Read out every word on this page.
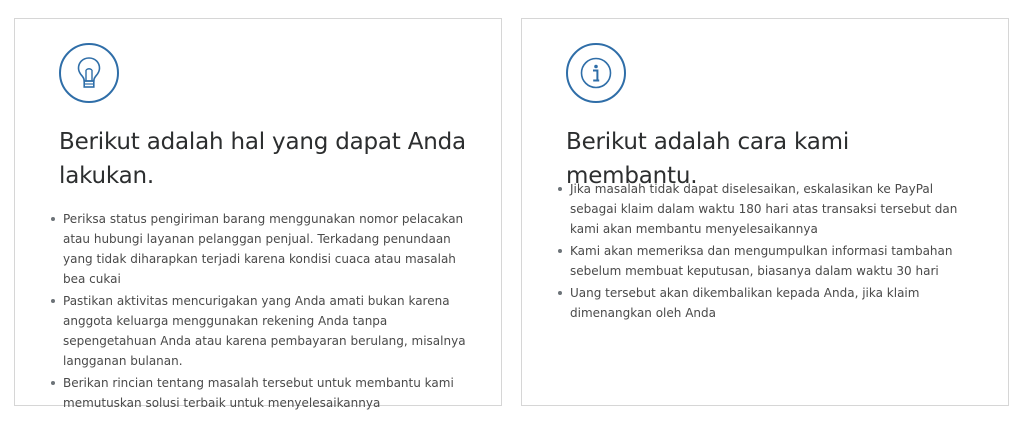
Berikut adalah hal yang dapat Anda lakukan.
Periksa status pengiriman barang menggunakan nomor pelacakan atau hubungi layanan pelanggan penjual. Terkadang penundaan yang tidak diharapkan terjadi karena kondisi cuaca atau masalah bea cukai
Pastikan aktivitas mencurigakan yang Anda amati bukan karena anggota keluarga menggunakan rekening Anda tanpa sepengetahuan Anda atau karena pembayaran berulang, misalnya langganan bulanan.
Berikan rincian tentang masalah tersebut untuk membantu kami memutuskan solusi terbaik untuk menyelesaikannya
Berikut adalah cara kami membantu.
Jika masalah tidak dapat diselesaikan, eskalasikan ke PayPal sebagai klaim dalam waktu 180 hari atas transaksi tersebut dan kami akan membantu menyelesaikannya
Kami akan memeriksa dan mengumpulkan informasi tambahan sebelum membuat keputusan, biasanya dalam waktu 30 hari
Uang tersebut akan dikembalikan kepada Anda, jika klaim dimenangkan oleh Anda
